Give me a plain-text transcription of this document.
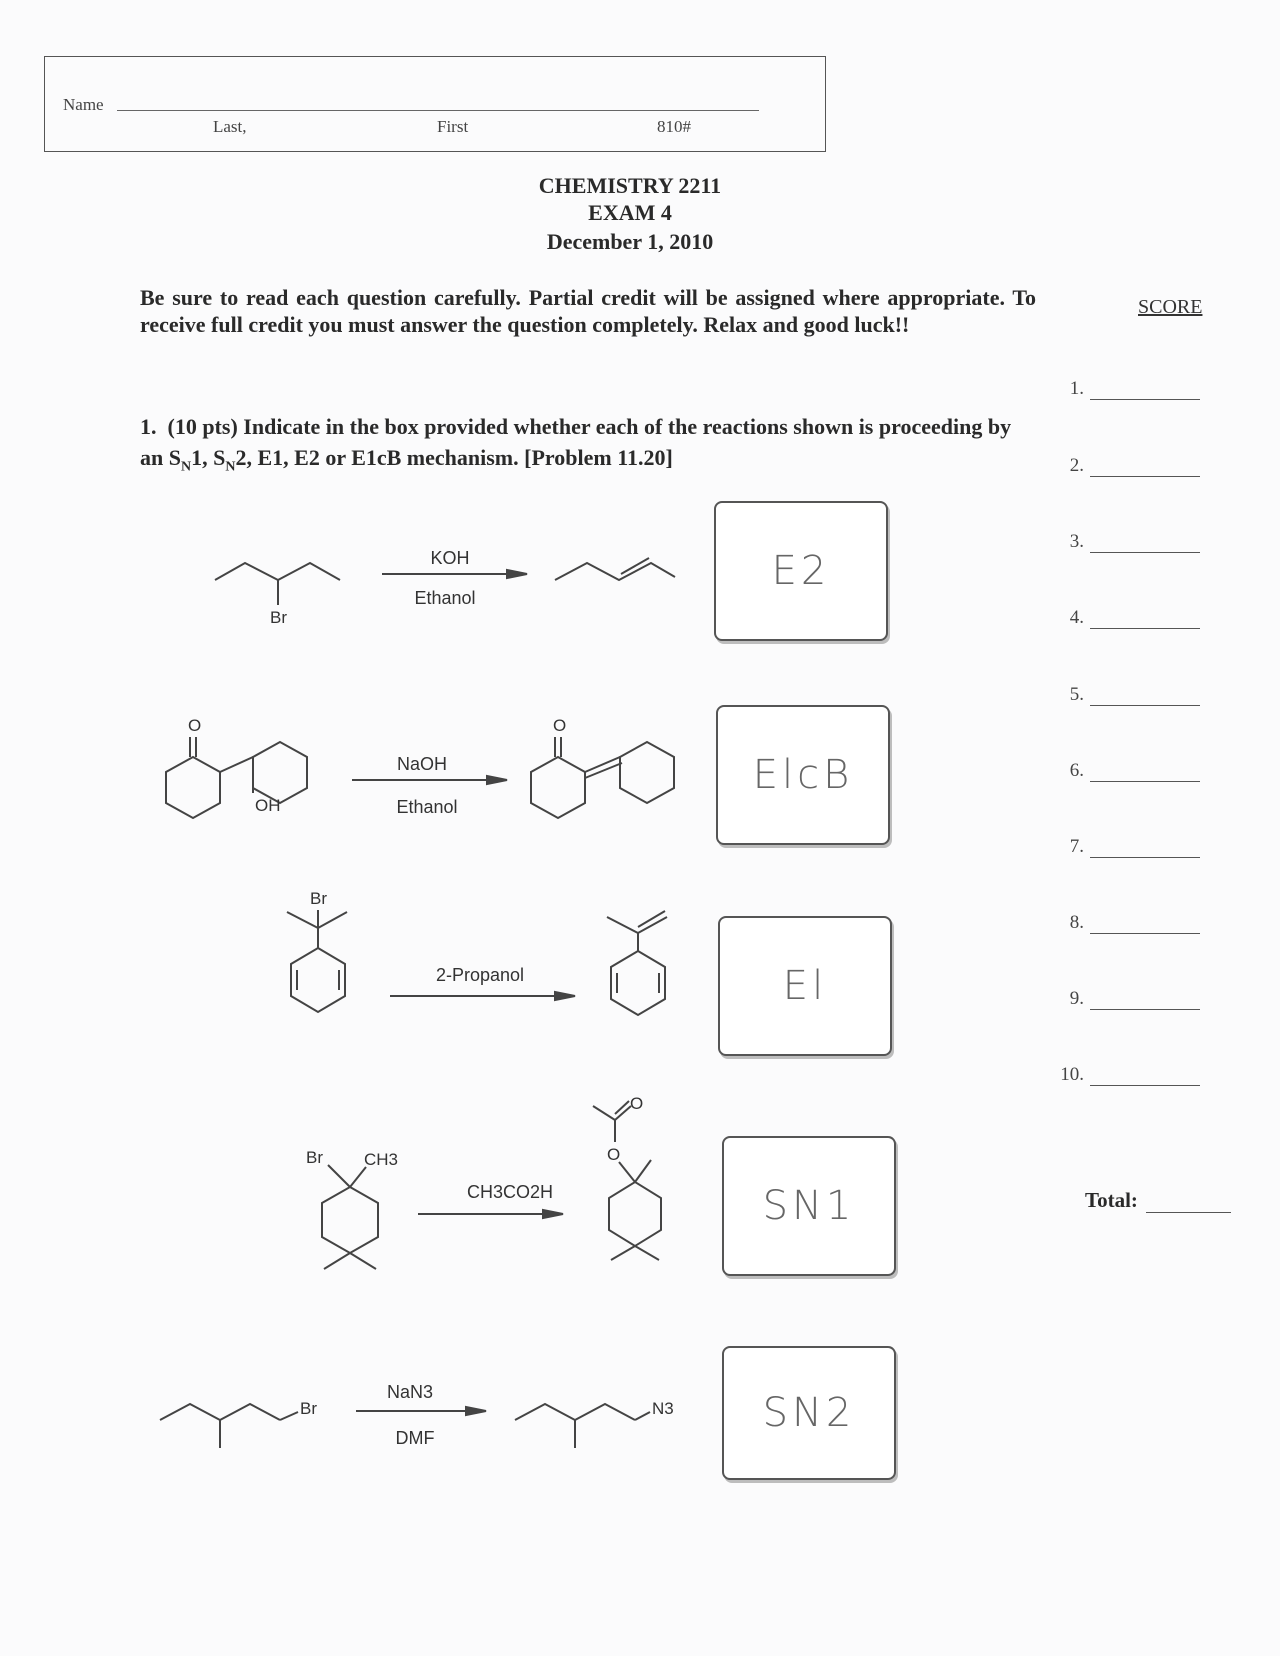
Name
Last,	First	810#
CHEMISTRY 2211
EXAM 4
December 1, 2010
Be sure to read each question carefully. Partial credit will be assigned where appropriate. To receive full credit you must answer the question completely. Relax and good luck!!
1. (10 pts) Indicate in the box provided whether each of the reactions shown is proceeding by an $S_N1$, $S_N2$, E1, E2 or E1cB mechanism. [Problem 11.20]
SCORE
1.
2.
3.
4.
5.
6.
7.
8.
9.
10.
Total:
Br
KOH
Ethanol
E2
O
OH
NaOH
Ethanol
O
ElcB
Br
2-Propanol	El
Br CH3
CH3CO2H
O
O
SN1
Br
NaN3
DMF
N3 SN2
